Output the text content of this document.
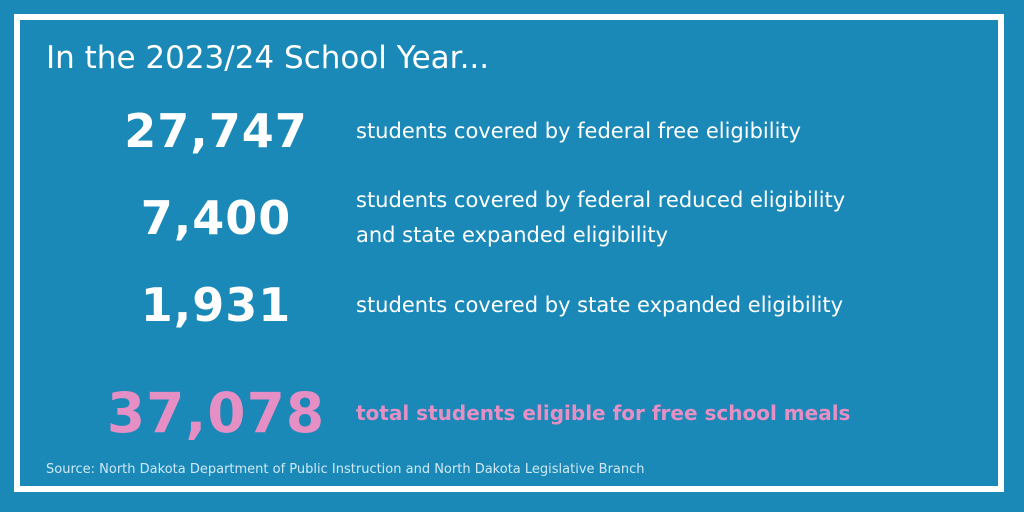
In the 2023/24 School Year...
27,747	students covered by federal free eligibility
7,400	students covered by federal reduced eligibility
and state expanded eligibility
1,931	students covered by state expanded eligibility
37,078	total students eligible for free school meals
Source: North Dakota Department of Public Instruction and North Dakota Legislative Branch
